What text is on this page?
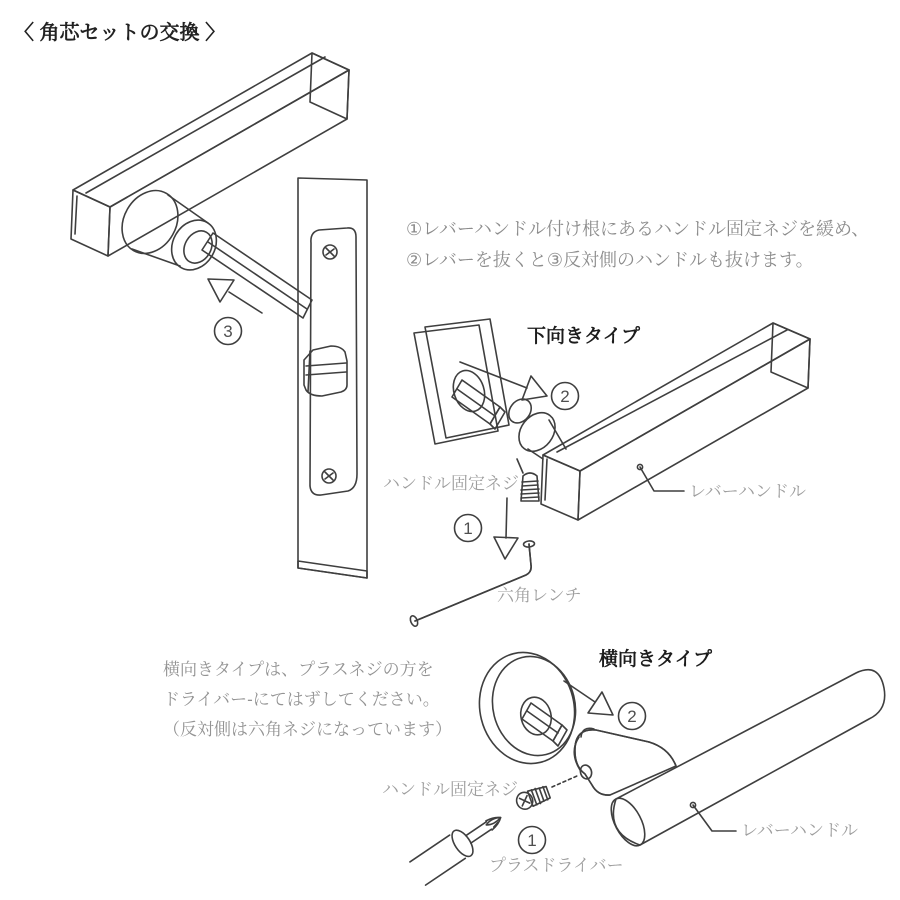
3
2
1
2
1
〈 角芯セットの交換 〉
①レバーハンドル付け根にあるハンドル固定ネジを緩め、
②レバーを抜くと③反対側のハンドルも抜けます。
下向きタイプ
ハンドル固定ネジ
六角レンチ
レバーハンドル
横向きタイプは、プラスネジの方を
ドライバー-にてはずしてください。
（反対側は六角ネジになっています）
横向きタイプ
ハンドル固定ネジ
プラスドライバー
レバーハンドル
